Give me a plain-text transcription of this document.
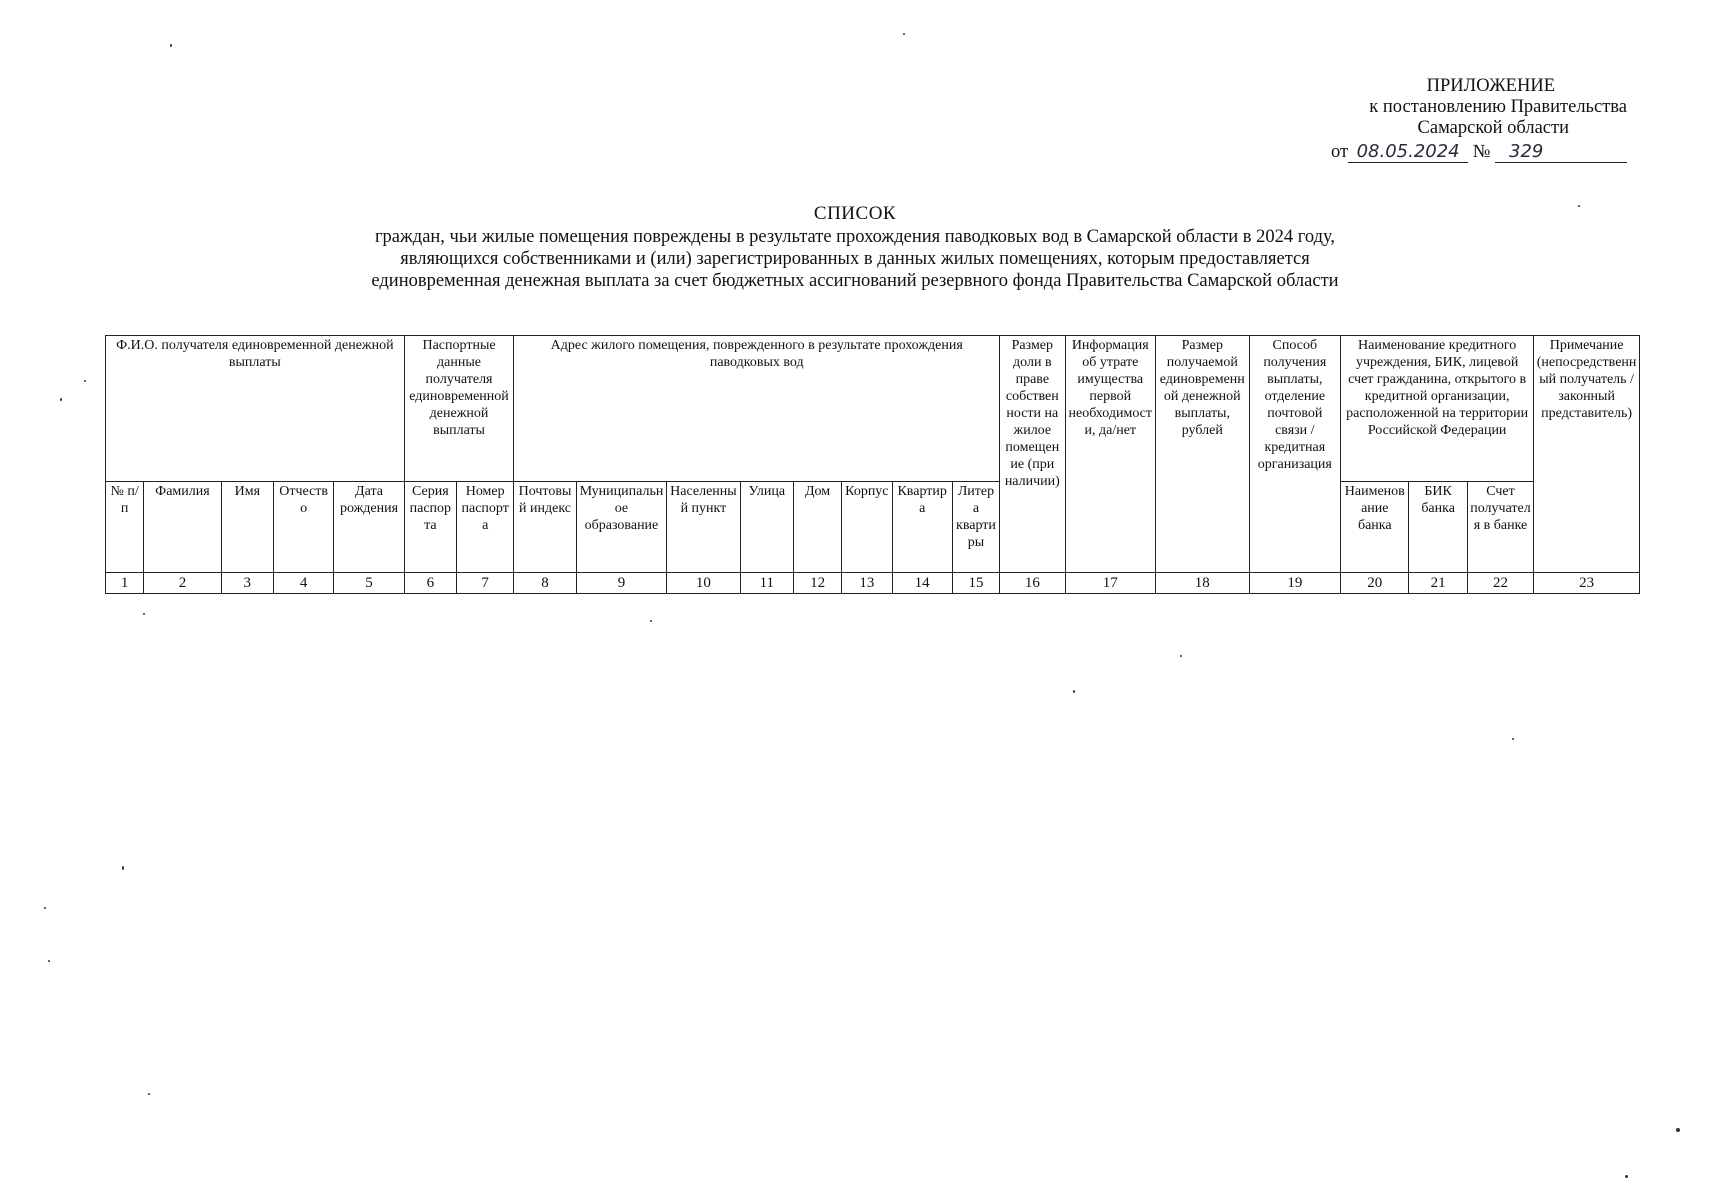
ПРИЛОЖЕНИЕ
к постановлению Правительства
Самарской области
от 08.05.2024 № 329
СПИСОК
граждан, чьи жилые помещения повреждены в результате прохождения паводковых вод в Самарской области в 2024 году,
являющихся собственниками и (или) зарегистрированных в данных жилых помещениях, которым предоставляется
единовременная денежная выплата за счет бюджетных ассигнований резервного фонда Правительства Самарской области
Ф.И.О. получателя единовременной денежной выплаты					Паспортные данные получателя единовременной денежной выплаты		Адрес жилого помещения, поврежденного в результате прохождения паводковых вод								Размер доли в праве собственности на жилое помещение (при наличии)	Информация об утрате имущества первой необходимости, да/нет	Размер получаемой единовременной денежной выплаты, рублей	Способ получения выплаты, отделение почтовой связи / кредитная организация	Наименование кредитного учреждения, БИК, лицевой счет гражданина, открытого в кредитной организации, расположенной на территории Российской Федерации			Примечание (непосредственный получатель / законный представитель)
№ п/п	Фамилия	Имя	Отчество	Дата рождения	Серия паспорта	Номер паспорта	Почтовый индекс	Муниципальное образование	Населенный пункт	Улица	Дом	Корпус	Квартира	Литера квартиры					Наименование банка	БИК банка	Счет получателя в банке	
1	2	3	4	5	6	7	8	9	10	11	12	13	14	15	16	17	18	19	20	21	22	23
